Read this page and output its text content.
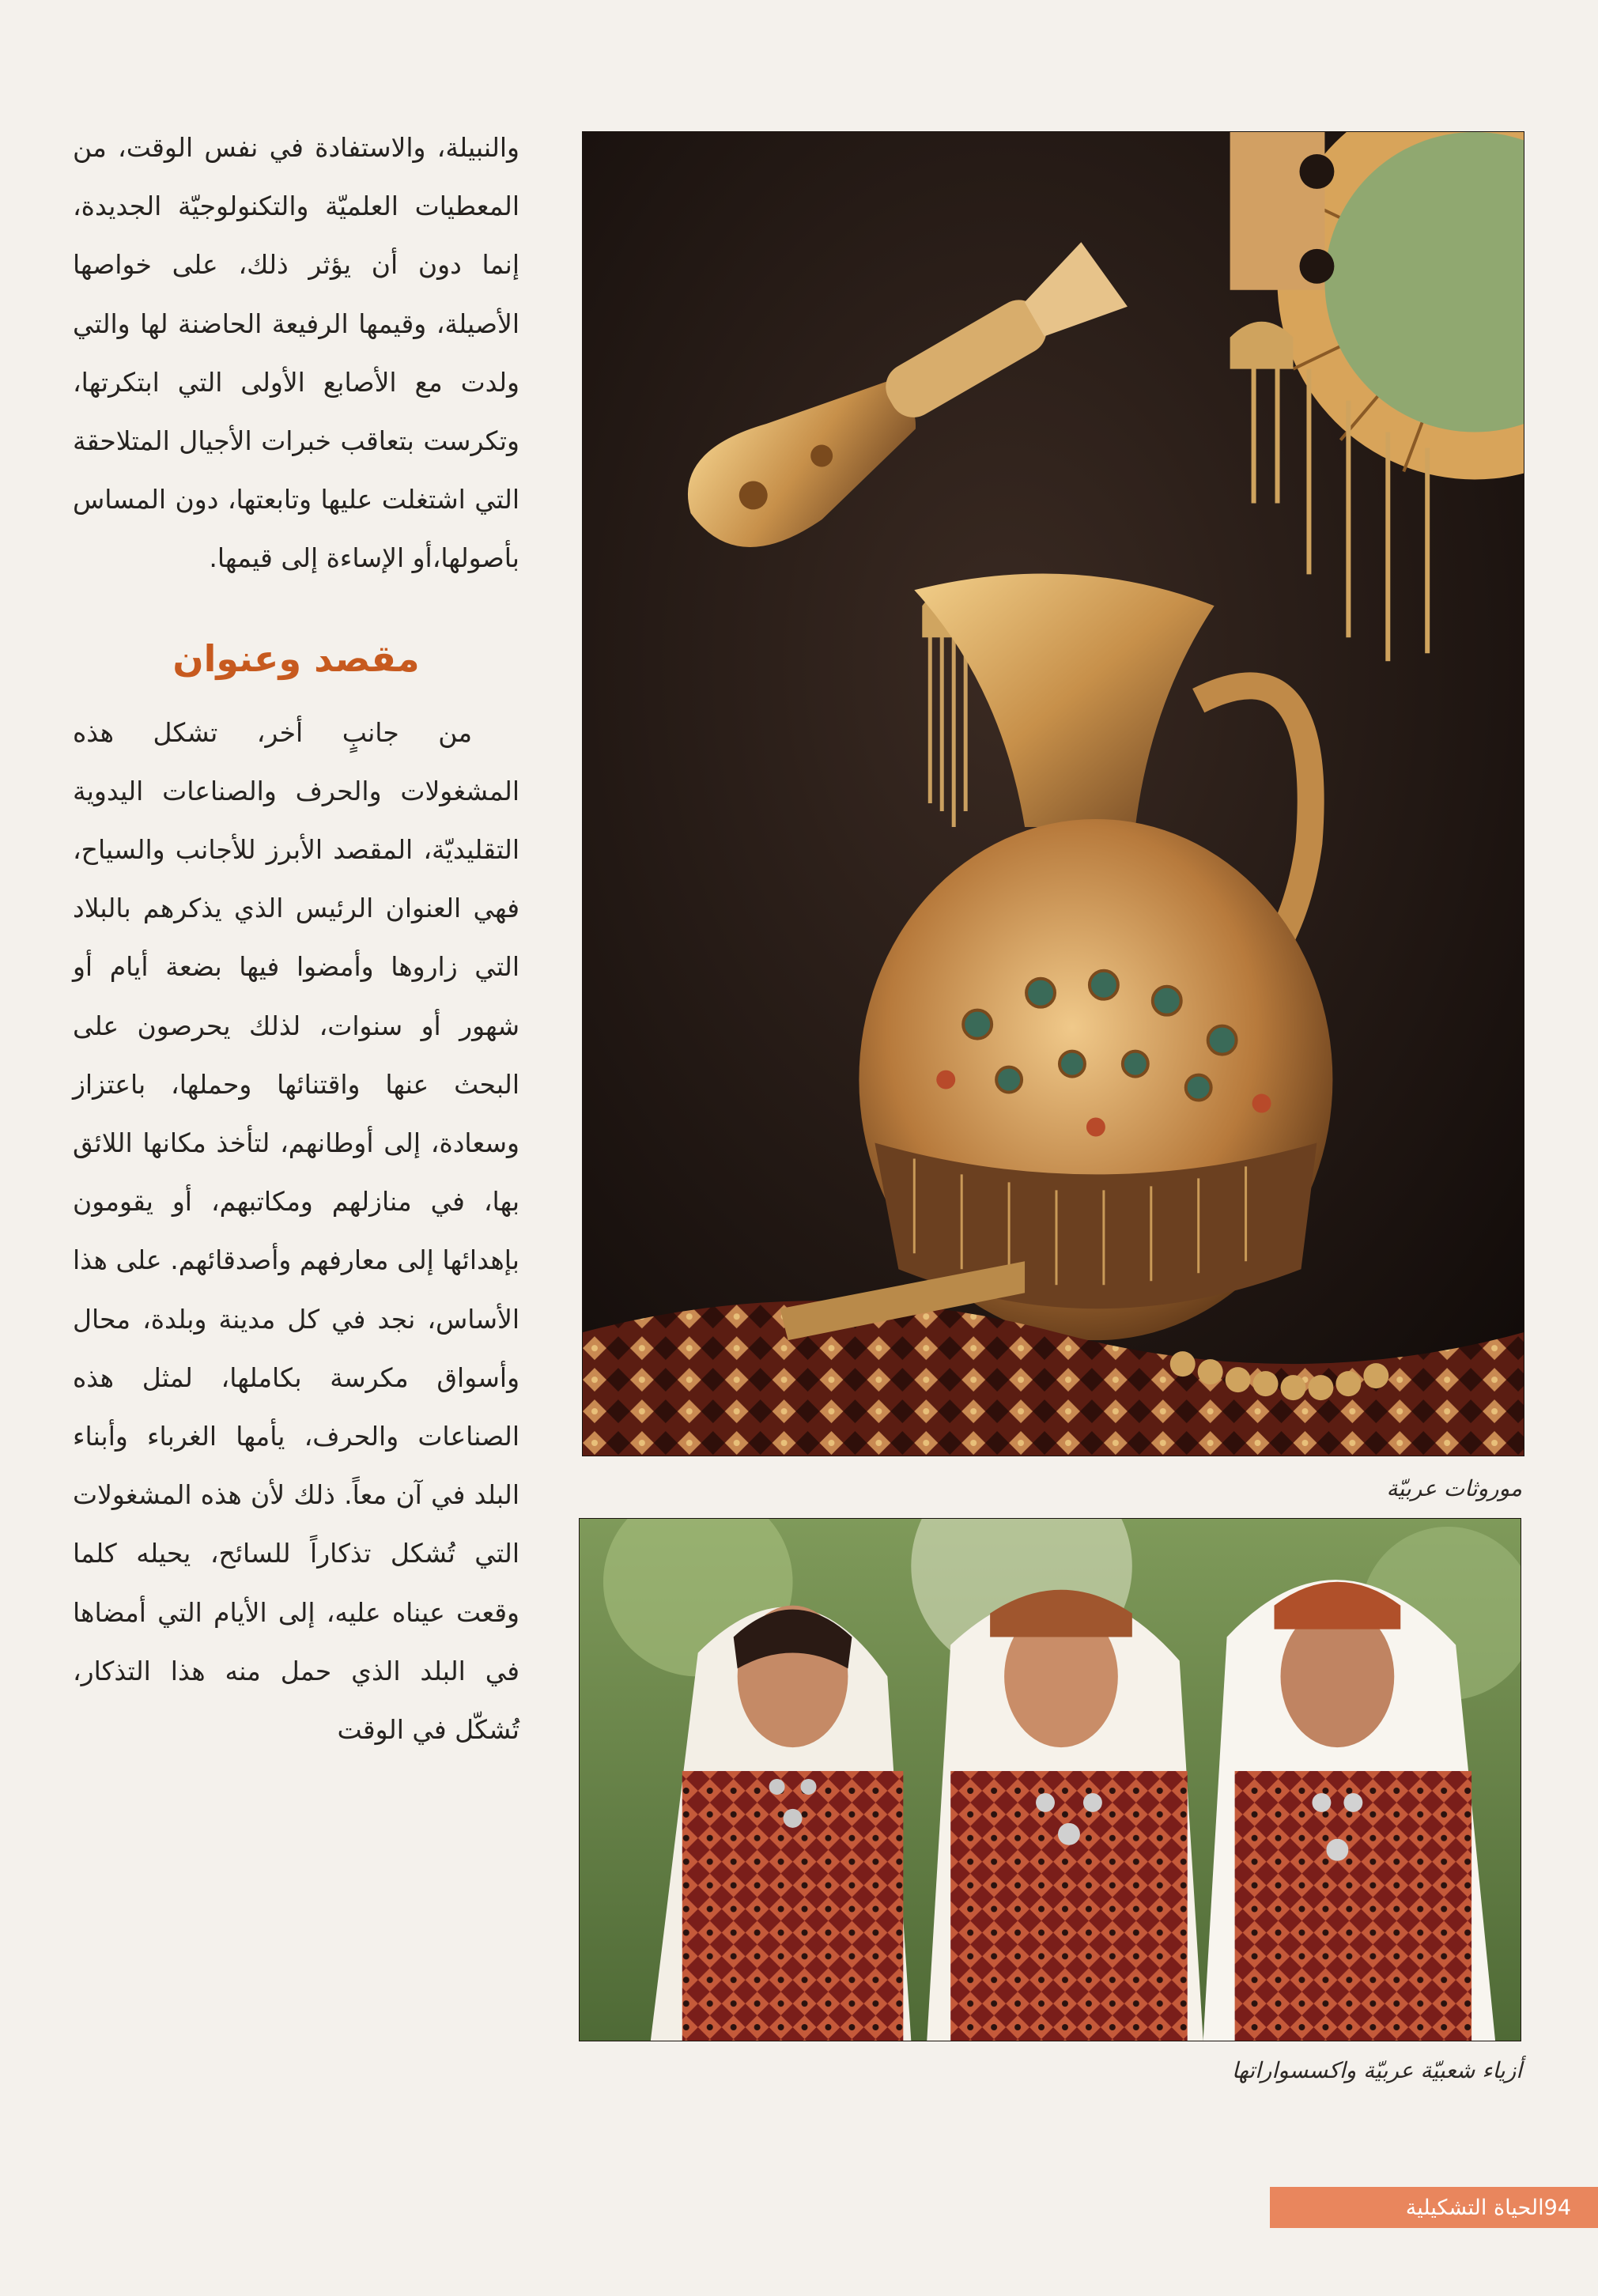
والنبيلة، والاستفادة في نفس الوقت، من المعطيات العلميّة والتكنولوجيّة الجديدة، إنما دون أن يؤثر ذلك، على خواصها الأصيلة، وقيمها الرفيعة الحاضنة لها والتي ولدت مع الأصابع الأولى التي ابتكرتها، وتكرست بتعاقب خبرات الأجيال المتلاحقة التي اشتغلت عليها وتابعتها، دون المساس بأصولها،أو الإساءة إلى قيمها.

مقصد وعنوان

من جانبٍ أخر، تشكل هذه المشغولات والحرف والصناعات اليدوية التقليديّة، المقصد الأبرز للأجانب والسياح، فهي العنوان الرئيس الذي يذكرهم بالبلاد التي زاروها وأمضوا فيها بضعة أيام أو شهور أو سنوات، لذلك يحرصون على البحث عنها واقتنائها وحملها، باعتزاز وسعادة، إلى أوطانهم، لتأخذ مكانها اللائق بها، في منازلهم ومكاتبهم، أو يقومون بإهدائها إلى معارفهم وأصدقائهم. على هذا الأساس، نجد في كل مدينة وبلدة، محال وأسواق مكرسة بكاملها، لمثل هذه الصناعات والحرف، يأمها الغرباء وأبناء البلد في آن معاً. ذلك لأن هذه المشغولات التي تُشكل تذكاراً للسائح، يحيله كلما وقعت عيناه عليه، إلى الأيام التي أمضاها في البلد الذي حمل منه هذا التذكار، تُشكّل في الوقت

موروثات عربيّة
أزياء شعبيّة عربيّة واكسسواراتها
94
الحياة التشكيلية
